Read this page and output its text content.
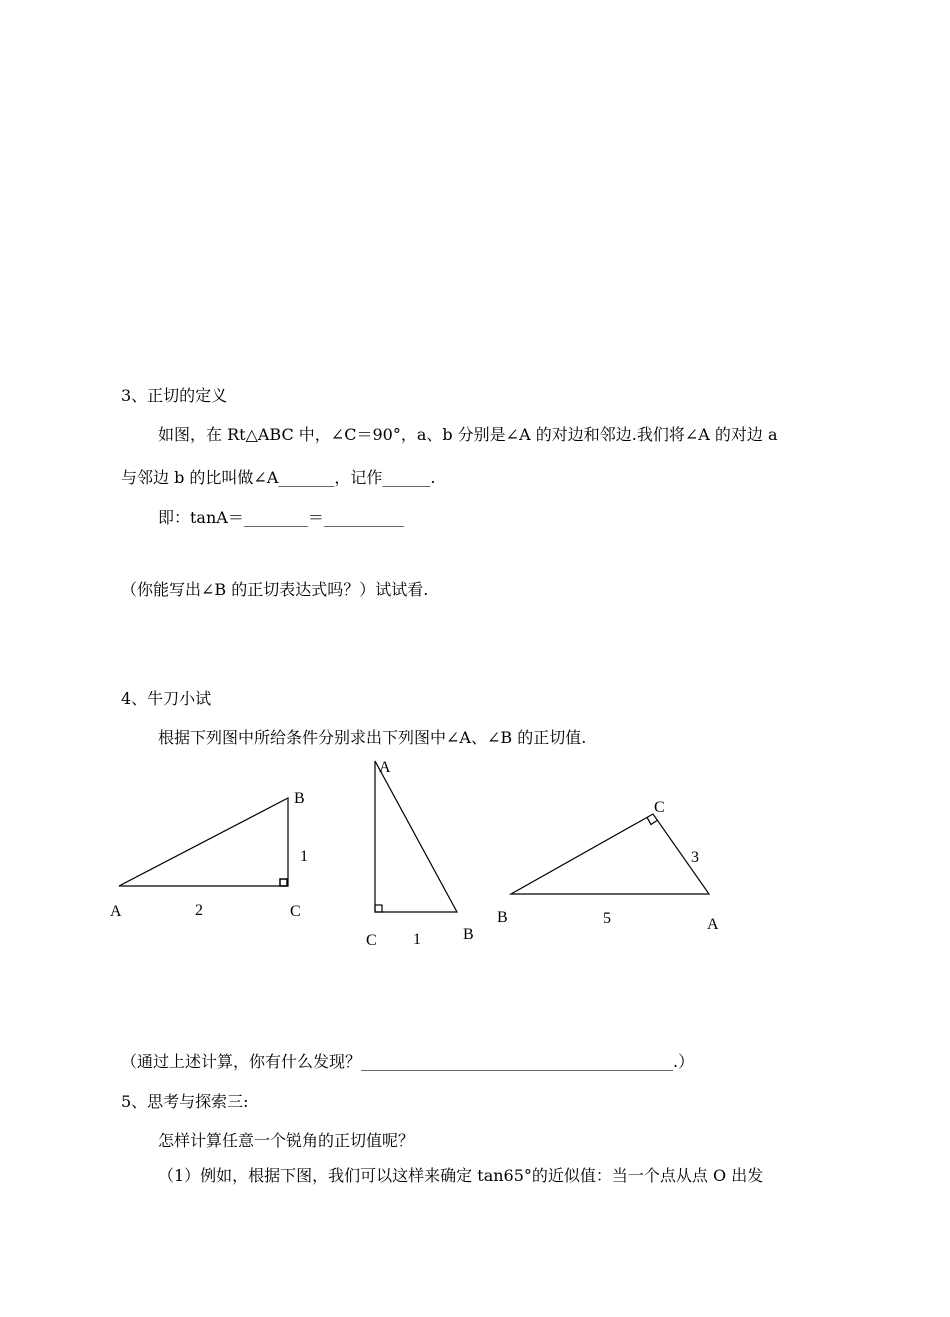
3、正切的定义
如图，在 Rt△ABC 中，∠C＝90°，a、b 分别是∠A 的对边和邻边.我们将∠A 的对边 a
与邻边 b 的比叫做∠A_______，记作______.
即：tanA＝________＝__________
（你能写出∠B 的正切表达式吗？）试试看.
4、牛刀小试
根据下列图中所给条件分别求出下列图中∠A、∠B 的正切值.
B
1
A	2	C
A
C 1	B
C
3
B	5	A
（通过上述计算，你有什么发现？_______________________________________.）
5、思考与探索三:
怎样计算任意一个锐角的正切值呢？
（1）例如，根据下图，我们可以这样来确定 tan65°的近似值：当一个点从点 O 出发
